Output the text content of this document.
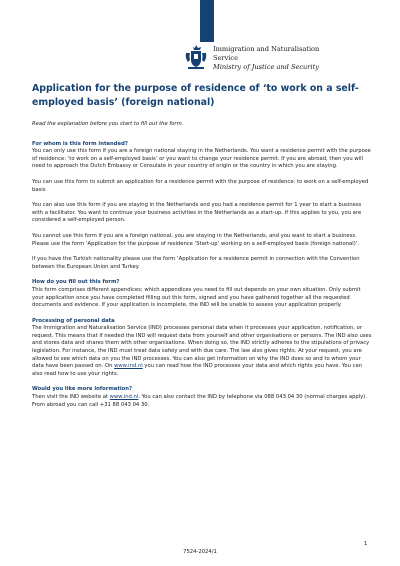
Immigration and Naturalisation
Service
Ministry of Justice and Security
Application for the purpose of residence of ‘to work on a self-employed basis’ (foreign national)

Read the explanation before you start to fill out the form.

For whom is this form intended?

You can only use this form if you are a foreign national staying in the Netherlands. You want a residence permit with the purpose of residence: ‘to work on a self-employed basis’ or you want to change your residence permit. If you are abroad, then you will need to approach the Dutch Embassy or Consulate in your country of origin or the country in which you are staying.

You can use this form to submit an application for a residence permit with the purpose of residence: to work on a self-employed basis

You can also use this form if you are staying in the Netherlands and you had a residence permit for 1 year to start a business with a facilitator. You want to continue your business activities in the Netherlands as a start-up. If this applies to you, you are considered a self-employed person.

You cannot use this form if you are a foreign national, you are staying in the Netherlands, and you want to start a business. Please use the form ‘Application for the purpose of residence ‘Start-up’ working on a self-employed basis (foreign national)’.

If you have the Turkish nationality please use the form ‘Application for a residence permit in connection with the Convention between the European Union and Turkey.

How do you fill out this form?

This form comprises different appendices; which appendices you need to fill out depends on your own situation. Only submit your application once you have completed filling out this form, signed and you have gathered together all the requested documents and evidence. If your application is incomplete, the IND will be unable to assess your application properly.

Processing of personal data

The Immigration and Naturalisation Service (IND) processes personal data when it processes your application, notification, or request. This means that if needed the IND will request data from yourself and other organisations or persons. The IND also uses and stores data and shares them with other organisations. When doing so, the IND strictly adheres to the stipulations of privacy legislation. For instance, the IND must treat data safely and with due care. The law also gives rights. At your request, you are allowed to see which data on you the IND processes. You can also get information on why the IND does so and to whom your data have been passed on. On www.ind.nl you can read how the IND processes your data and which rights you have. You can also read how to use your rights.

Would you like more information?

Then visit the IND website at www.ind.nl. You can also contact the IND by telephone via 088 043 04 30 (normal charges apply). From abroad you can call +31 88 043 04 30.

1
7524-2024/1
